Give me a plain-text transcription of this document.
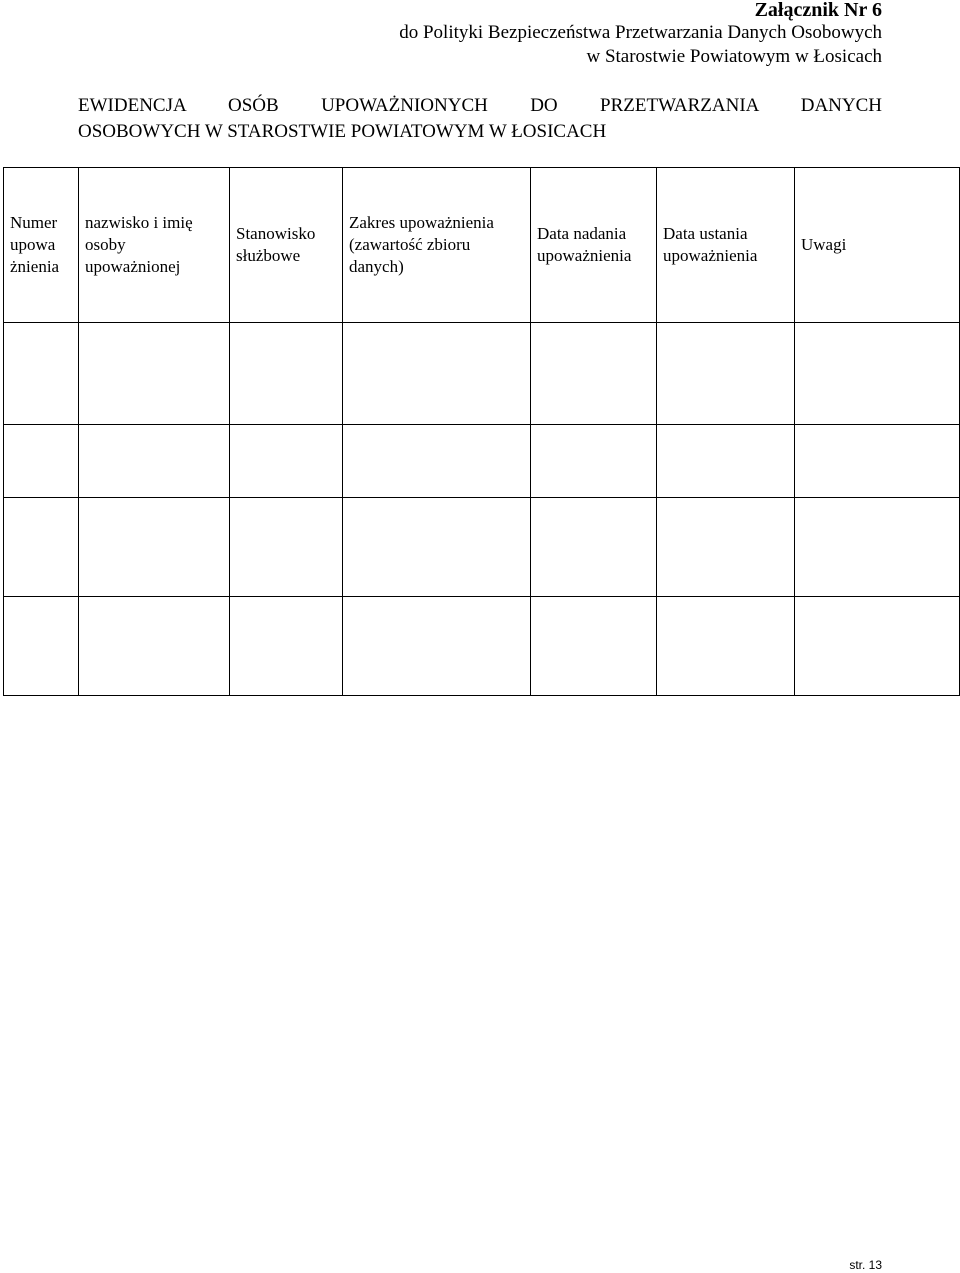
Załącznik Nr 6
do Polityki Bezpieczeństwa Przetwarzania Danych Osobowych
w Starostwie Powiatowym w Łosicach
EWIDENCJA OSÓB UPOWAŻNIONYCH DO PRZETWARZANIA DANYCH
OSOBOWYCH W STAROSTWIE POWIATOWYM W ŁOSICACH
Numer upowa żnienia	nazwisko i imię osoby upoważnionej	Stanowisko służbowe	Zakres upoważnienia (zawartość zbioru danych)	Data nadania upoważnienia	Data ustania upoważnienia	Uwagi

str. 13
